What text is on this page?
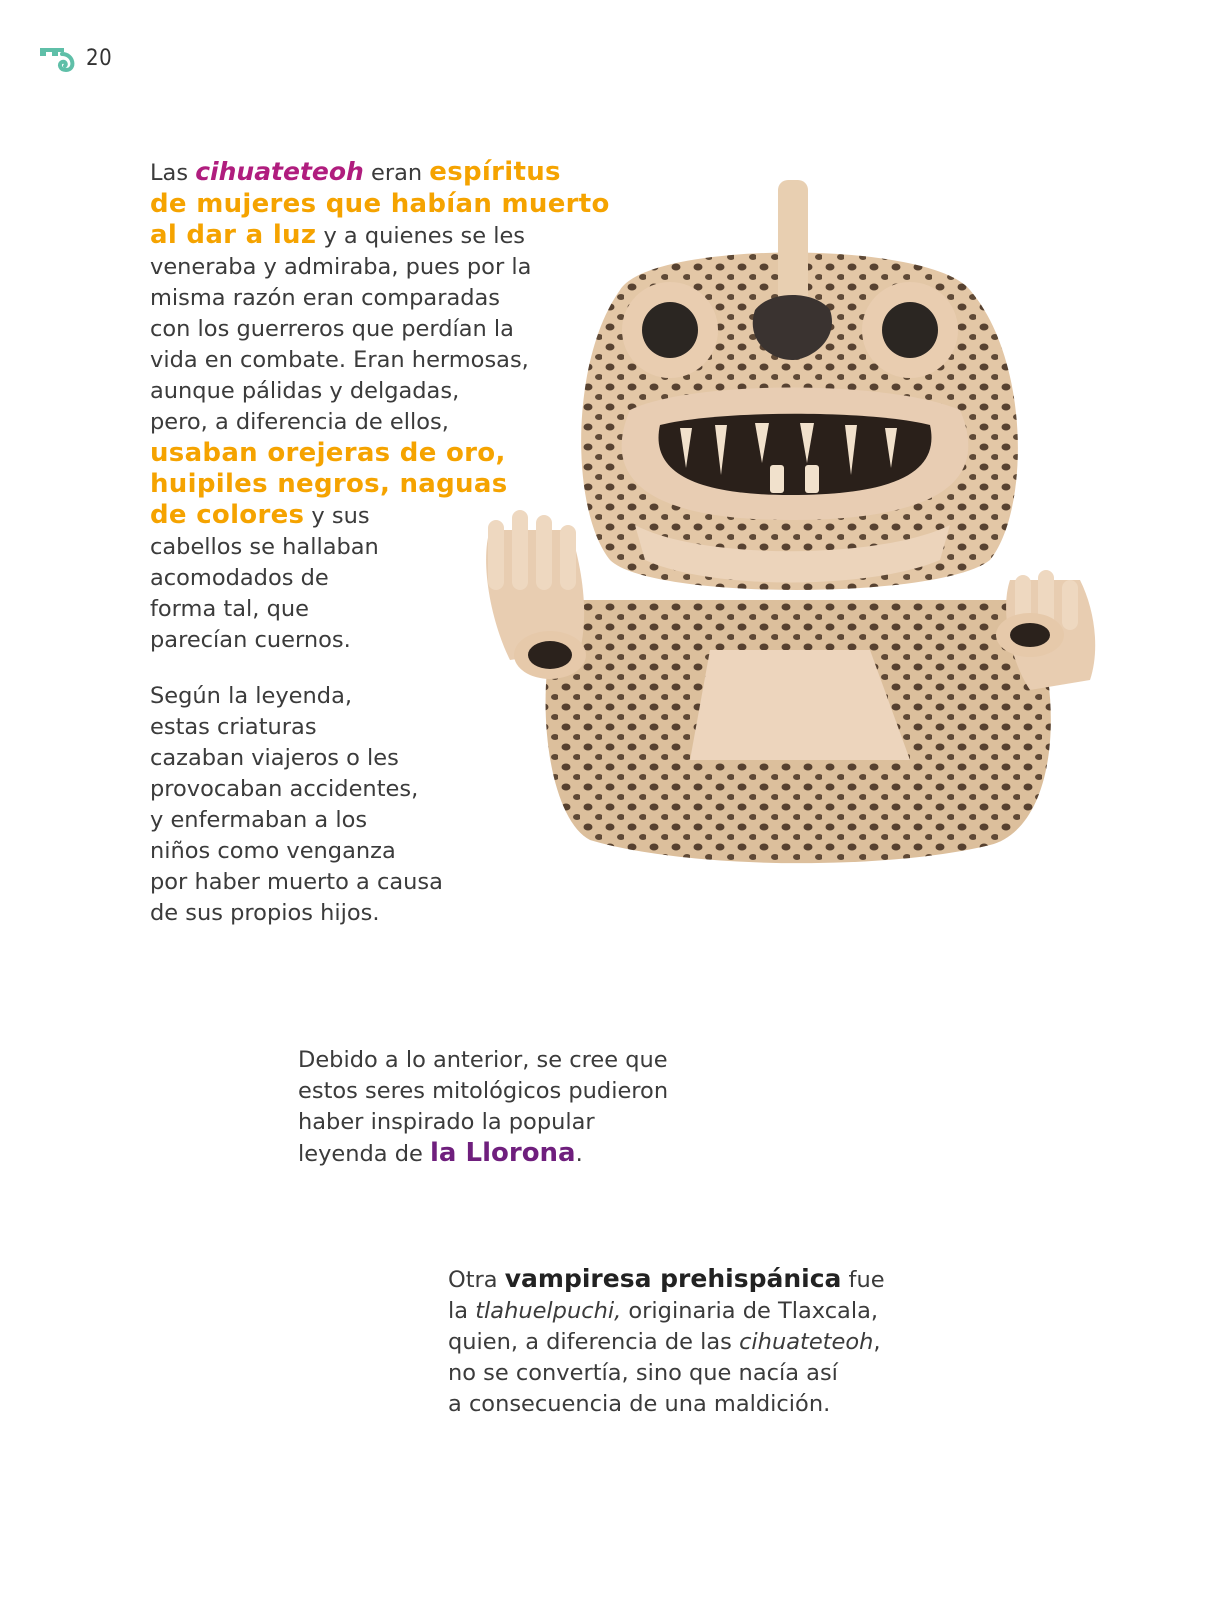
20
Las cihuateteoh eran espíritus
de mujeres que habían muerto
al dar a luz y a quienes se les
veneraba y admiraba, pues por la
misma razón eran comparadas
con los guerreros que perdían la
vida en combate. Eran hermosas,
aunque pálidas y delgadas,
pero, a diferencia de ellos,
usaban orejeras de oro,
huipiles negros, naguas
de colores y sus
cabellos se hallaban
acomodados de
forma tal, que
parecían cuernos.
Según la leyenda,
estas criaturas
cazaban viajeros o les
provocaban accidentes,
y enfermaban a los
niños como venganza
por haber muerto a causa
de sus propios hijos.
Debido a lo anterior, se cree que
estos seres mitológicos pudieron
haber inspirado la popular
leyenda de la Llorona.
Otra vampiresa prehispánica fue
la tlahuelpuchi, originaria de Tlaxcala,
quien, a diferencia de las cihuateteoh,
no se convertía, sino que nacía así
a consecuencia de una maldición.
